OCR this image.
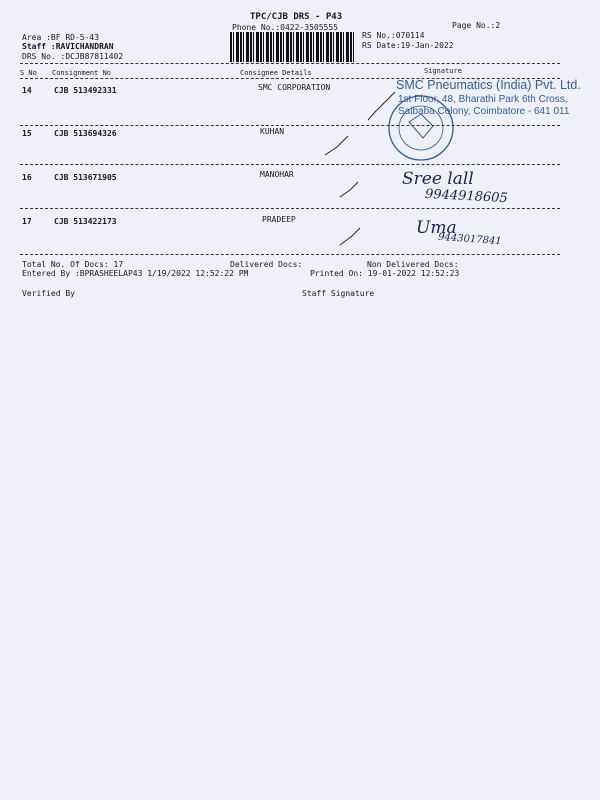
TPC/CJB DRS - P43
Phone No.:0422-3505555	Page No.:2
Area :BF RD-5-43
Staff :RAVICHANDRAN
DRS No. :DCJB87811402
RS No.:070114
RS Date:19-Jan-2022
S No Consignment No	Consignee Details	Signature
14	CJB 513492331	SMC CORPORATION	SMC Pneumatics (India) Pvt. Ltd.
1st Floor, 48, Bharathi Park 6th Cross,
Saibaba Colony, Coimbatore - 641 011
15	CJB 513694326	KUHAN
16	CJB 513671905	MANOHAR	Sree lall
9944918605
17	CJB 513422173	PRADEEP	Uma
9443017841
Total No. Of Docs: 17	Delivered Docs:	Non Delivered Docs:
Entered By :BPRASHEELAP43 1/19/2022 12:52:22 PM	Printed On: 19-01-2022 12:52:23
Verified By	Staff Signature
